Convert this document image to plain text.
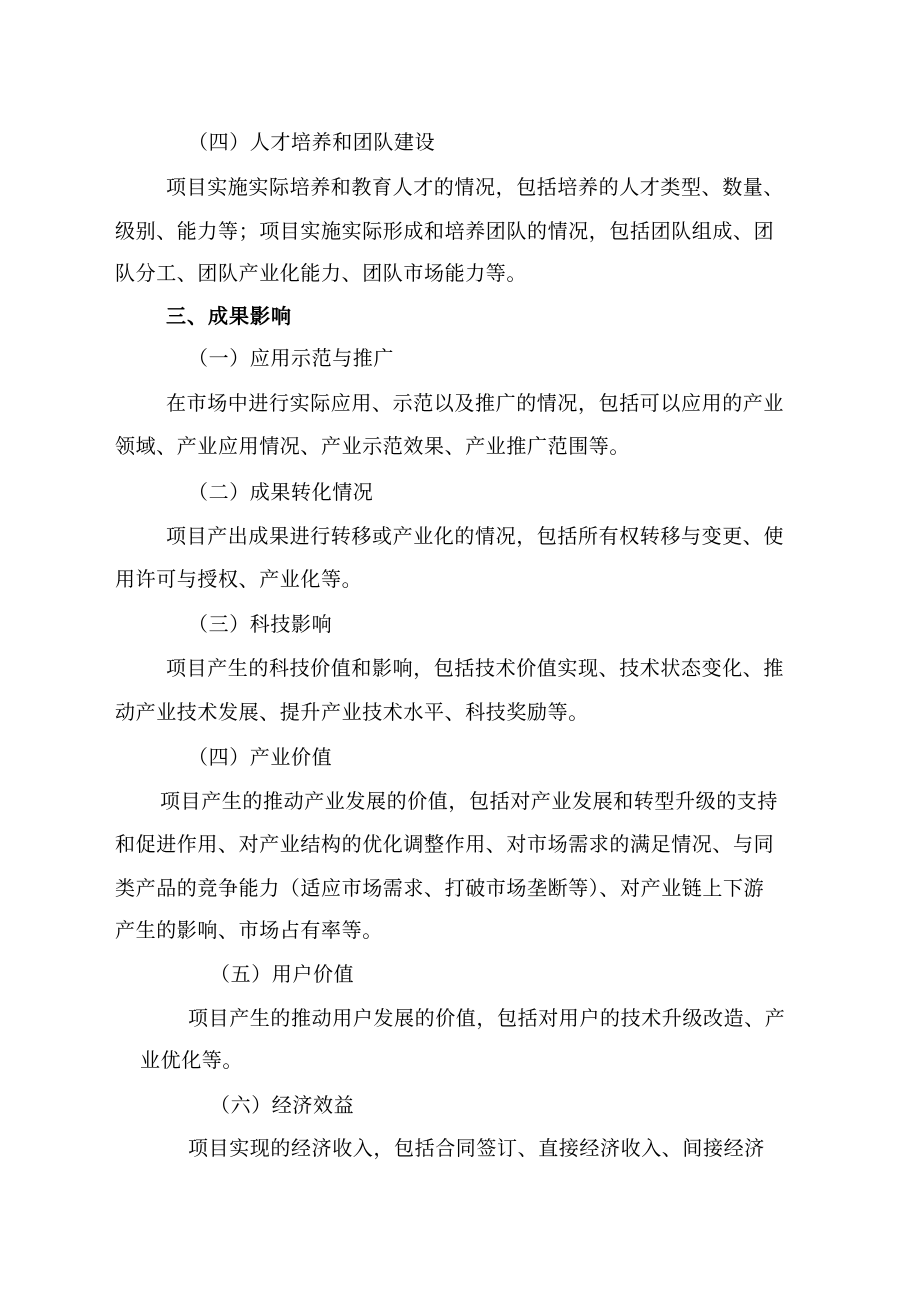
（四）人才培养和团队建设
项目实施实际培养和教育人才的情况，包括培养的人才类型、数量、
级别、能力等；项目实施实际形成和培养团队的情况，包括团队组成、团
队分工、团队产业化能力、团队市场能力等。
三、成果影响
（一）应用示范与推广
在市场中进行实际应用、示范以及推广的情况，包括可以应用的产业
领域、产业应用情况、产业示范效果、产业推广范围等。
（二）成果转化情况
项目产出成果进行转移或产业化的情况，包括所有权转移与变更、使
用许可与授权、产业化等。
（三）科技影响
项目产生的科技价值和影响，包括技术价值实现、技术状态变化、推
动产业技术发展、提升产业技术水平、科技奖励等。
（四）产业价值
项目产生的推动产业发展的价值，包括对产业发展和转型升级的支持
和促进作用、对产业结构的优化调整作用、对市场需求的满足情况、与同
类产品的竞争能力（适应市场需求、打破市场垄断等）、对产业链上下游
产生的影响、市场占有率等。
（五）用户价值
项目产生的推动用户发展的价值，包括对用户的技术升级改造、产
业优化等。
（六）经济效益
项目实现的经济收入，包括合同签订、直接经济收入、间接经济
